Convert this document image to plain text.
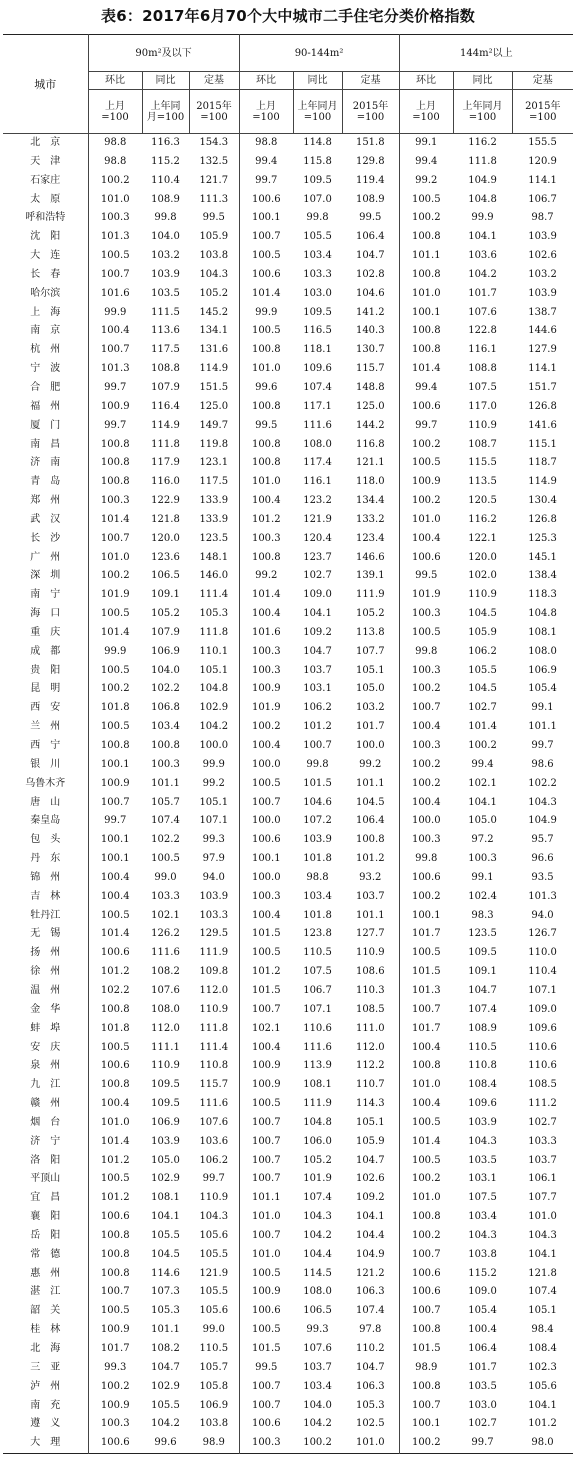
表6：2017年6月70个大中城市二手住宅分类价格指数
城市	90m²及以下			90-144m²			144m²以上		
	环比	同比	定基	环比	同比	定基	环比	同比	定基
	上月=100	上年同月=100	2015年=100	上月=100	上年同月=100	2015年=100	上月=100	上年同月=100	2015年=100
北　京	98.8	116.3	154.3	98.8	114.8	151.8	99.1	116.2	155.5
天　津	98.8	115.2	132.5	99.4	115.8	129.8	99.4	111.8	120.9
石家庄	100.2	110.4	121.7	99.7	109.5	119.4	99.2	104.9	114.1
太　原	101.0	108.9	111.3	100.6	107.0	108.9	100.5	104.8	106.7
呼和浩特	100.3	99.8	99.5	100.1	99.8	99.5	100.2	99.9	98.7
沈　阳	101.3	104.0	105.9	100.7	105.5	106.4	100.8	104.1	103.9
大　连	100.5	103.2	103.8	100.5	103.4	104.7	101.1	103.6	102.6
长　春	100.7	103.9	104.3	100.6	103.3	102.8	100.8	104.2	103.2
哈尔滨	101.6	103.5	105.2	101.4	103.0	104.6	101.0	101.7	103.9
上　海	99.9	111.5	145.2	99.9	109.5	141.2	100.1	107.6	138.7
南　京	100.4	113.6	134.1	100.5	116.5	140.3	100.8	122.8	144.6
杭　州	100.7	117.5	131.6	100.8	118.1	130.7	100.8	116.1	127.9
宁　波	101.3	108.8	114.9	101.0	109.6	115.7	101.4	108.8	114.1
合　肥	99.7	107.9	151.5	99.6	107.4	148.8	99.4	107.5	151.7
福　州	100.9	116.4	125.0	100.8	117.1	125.0	100.6	117.0	126.8
厦　门	99.7	114.9	149.7	99.5	111.6	144.2	99.7	110.9	141.6
南　昌	100.8	111.8	119.8	100.8	108.0	116.8	100.2	108.7	115.1
济　南	100.8	117.9	123.1	100.8	117.4	121.1	100.5	115.5	118.7
青　岛	100.8	116.0	117.5	101.0	116.1	118.0	100.9	113.5	114.9
郑　州	100.3	122.9	133.9	100.4	123.2	134.4	100.2	120.5	130.4
武　汉	101.4	121.8	133.9	101.2	121.9	133.2	101.0	116.2	126.8
长　沙	100.7	120.0	123.5	100.3	120.4	123.4	100.4	122.1	125.3
广　州	101.0	123.6	148.1	100.8	123.7	146.6	100.6	120.0	145.1
深　圳	100.2	106.5	146.0	99.2	102.7	139.1	99.5	102.0	138.4
南　宁	101.9	109.1	111.4	101.4	109.0	111.9	101.9	110.9	118.3
海　口	100.5	105.2	105.3	100.4	104.1	105.2	100.3	104.5	104.8
重　庆	101.4	107.9	111.8	101.6	109.2	113.8	100.5	105.9	108.1
成　都	99.9	106.9	110.1	100.3	104.7	107.7	99.8	106.2	108.0
贵　阳	100.5	104.0	105.1	100.3	103.7	105.1	100.3	105.5	106.9
昆　明	100.2	102.2	104.8	100.9	103.1	105.0	100.2	104.5	105.4
西　安	101.8	106.8	102.9	101.9	106.2	103.2	100.7	102.7	99.1
兰　州	100.5	103.4	104.2	100.2	101.2	101.7	100.4	101.4	101.1
西　宁	100.8	100.8	100.0	100.4	100.7	100.0	100.3	100.2	99.7
银　川	100.1	100.3	99.9	100.0	99.8	99.2	100.2	99.4	98.6
乌鲁木齐	100.9	101.1	99.2	100.5	101.5	101.1	100.2	102.1	102.2
唐　山	100.7	105.7	105.1	100.7	104.6	104.5	100.4	104.1	104.3
秦皇岛	99.7	107.4	107.1	100.0	107.2	106.4	100.0	105.0	104.9
包　头	100.1	102.2	99.3	100.6	103.9	100.8	100.3	97.2	95.7
丹　东	100.1	100.5	97.9	100.1	101.8	101.2	99.8	100.3	96.6
锦　州	100.4	99.0	94.0	100.0	98.8	93.2	100.6	99.1	93.5
吉　林	100.4	103.3	103.9	100.3	103.4	103.7	100.2	102.4	101.3
牡丹江	100.5	102.1	103.3	100.4	101.8	101.1	100.1	98.3	94.0
无　锡	101.4	126.2	129.5	101.5	123.8	127.7	101.7	123.5	126.7
扬　州	100.6	111.6	111.9	100.5	110.5	110.9	100.5	109.5	110.0
徐　州	101.2	108.2	109.8	101.2	107.5	108.6	101.5	109.1	110.4
温　州	102.2	107.6	112.0	101.5	106.7	110.3	101.3	104.7	107.1
金　华	100.8	108.0	110.9	100.7	107.1	108.5	100.7	107.4	109.0
蚌　埠	101.8	112.0	111.8	102.1	110.6	111.0	101.7	108.9	109.6
安　庆	100.5	111.1	111.4	100.4	111.6	112.0	100.4	110.5	110.6
泉　州	100.6	110.9	110.8	100.9	113.9	112.2	100.8	110.8	110.6
九　江	100.8	109.5	115.7	100.9	108.1	110.7	101.0	108.4	108.5
赣　州	100.4	109.5	111.6	100.5	111.9	114.3	100.4	109.6	111.2
烟　台	101.0	106.9	107.6	100.7	104.8	105.1	100.5	103.9	102.7
济　宁	101.4	103.9	103.6	100.7	106.0	105.9	101.4	104.3	103.3
洛　阳	101.2	105.0	106.2	100.7	105.2	104.7	100.5	103.5	103.7
平顶山	100.5	102.9	99.7	100.7	101.9	102.6	100.2	103.1	106.1
宜　昌	101.2	108.1	110.9	101.1	107.4	109.2	101.0	107.5	107.7
襄　阳	100.6	104.1	104.3	101.0	104.3	104.1	100.8	103.4	101.0
岳　阳	100.8	105.5	105.6	100.7	104.2	104.4	100.2	104.3	104.3
常　德	100.8	104.5	105.5	101.0	104.4	104.9	100.7	103.8	104.1
惠　州	100.8	114.6	121.9	100.5	114.5	121.2	100.6	115.2	121.8
湛　江	100.7	107.3	105.5	100.9	108.0	106.3	100.6	109.0	107.4
韶　关	100.5	105.3	105.6	100.6	106.5	107.4	100.7	105.4	105.1
桂　林	100.9	101.1	99.0	100.5	99.3	97.8	100.8	100.4	98.4
北　海	101.7	108.2	110.5	101.5	107.6	110.2	101.5	106.4	108.4
三　亚	99.3	104.7	105.7	99.5	103.7	104.7	98.9	101.7	102.3
泸　州	100.2	102.9	105.8	100.7	103.4	106.3	100.8	103.5	105.6
南　充	100.9	105.5	106.9	100.7	104.0	105.3	100.7	103.0	104.1
遵　义	100.3	104.2	103.8	100.6	104.2	102.5	100.1	102.7	101.2
大　理	100.6	99.6	98.9	100.3	100.2	101.0	100.2	99.7	98.0
